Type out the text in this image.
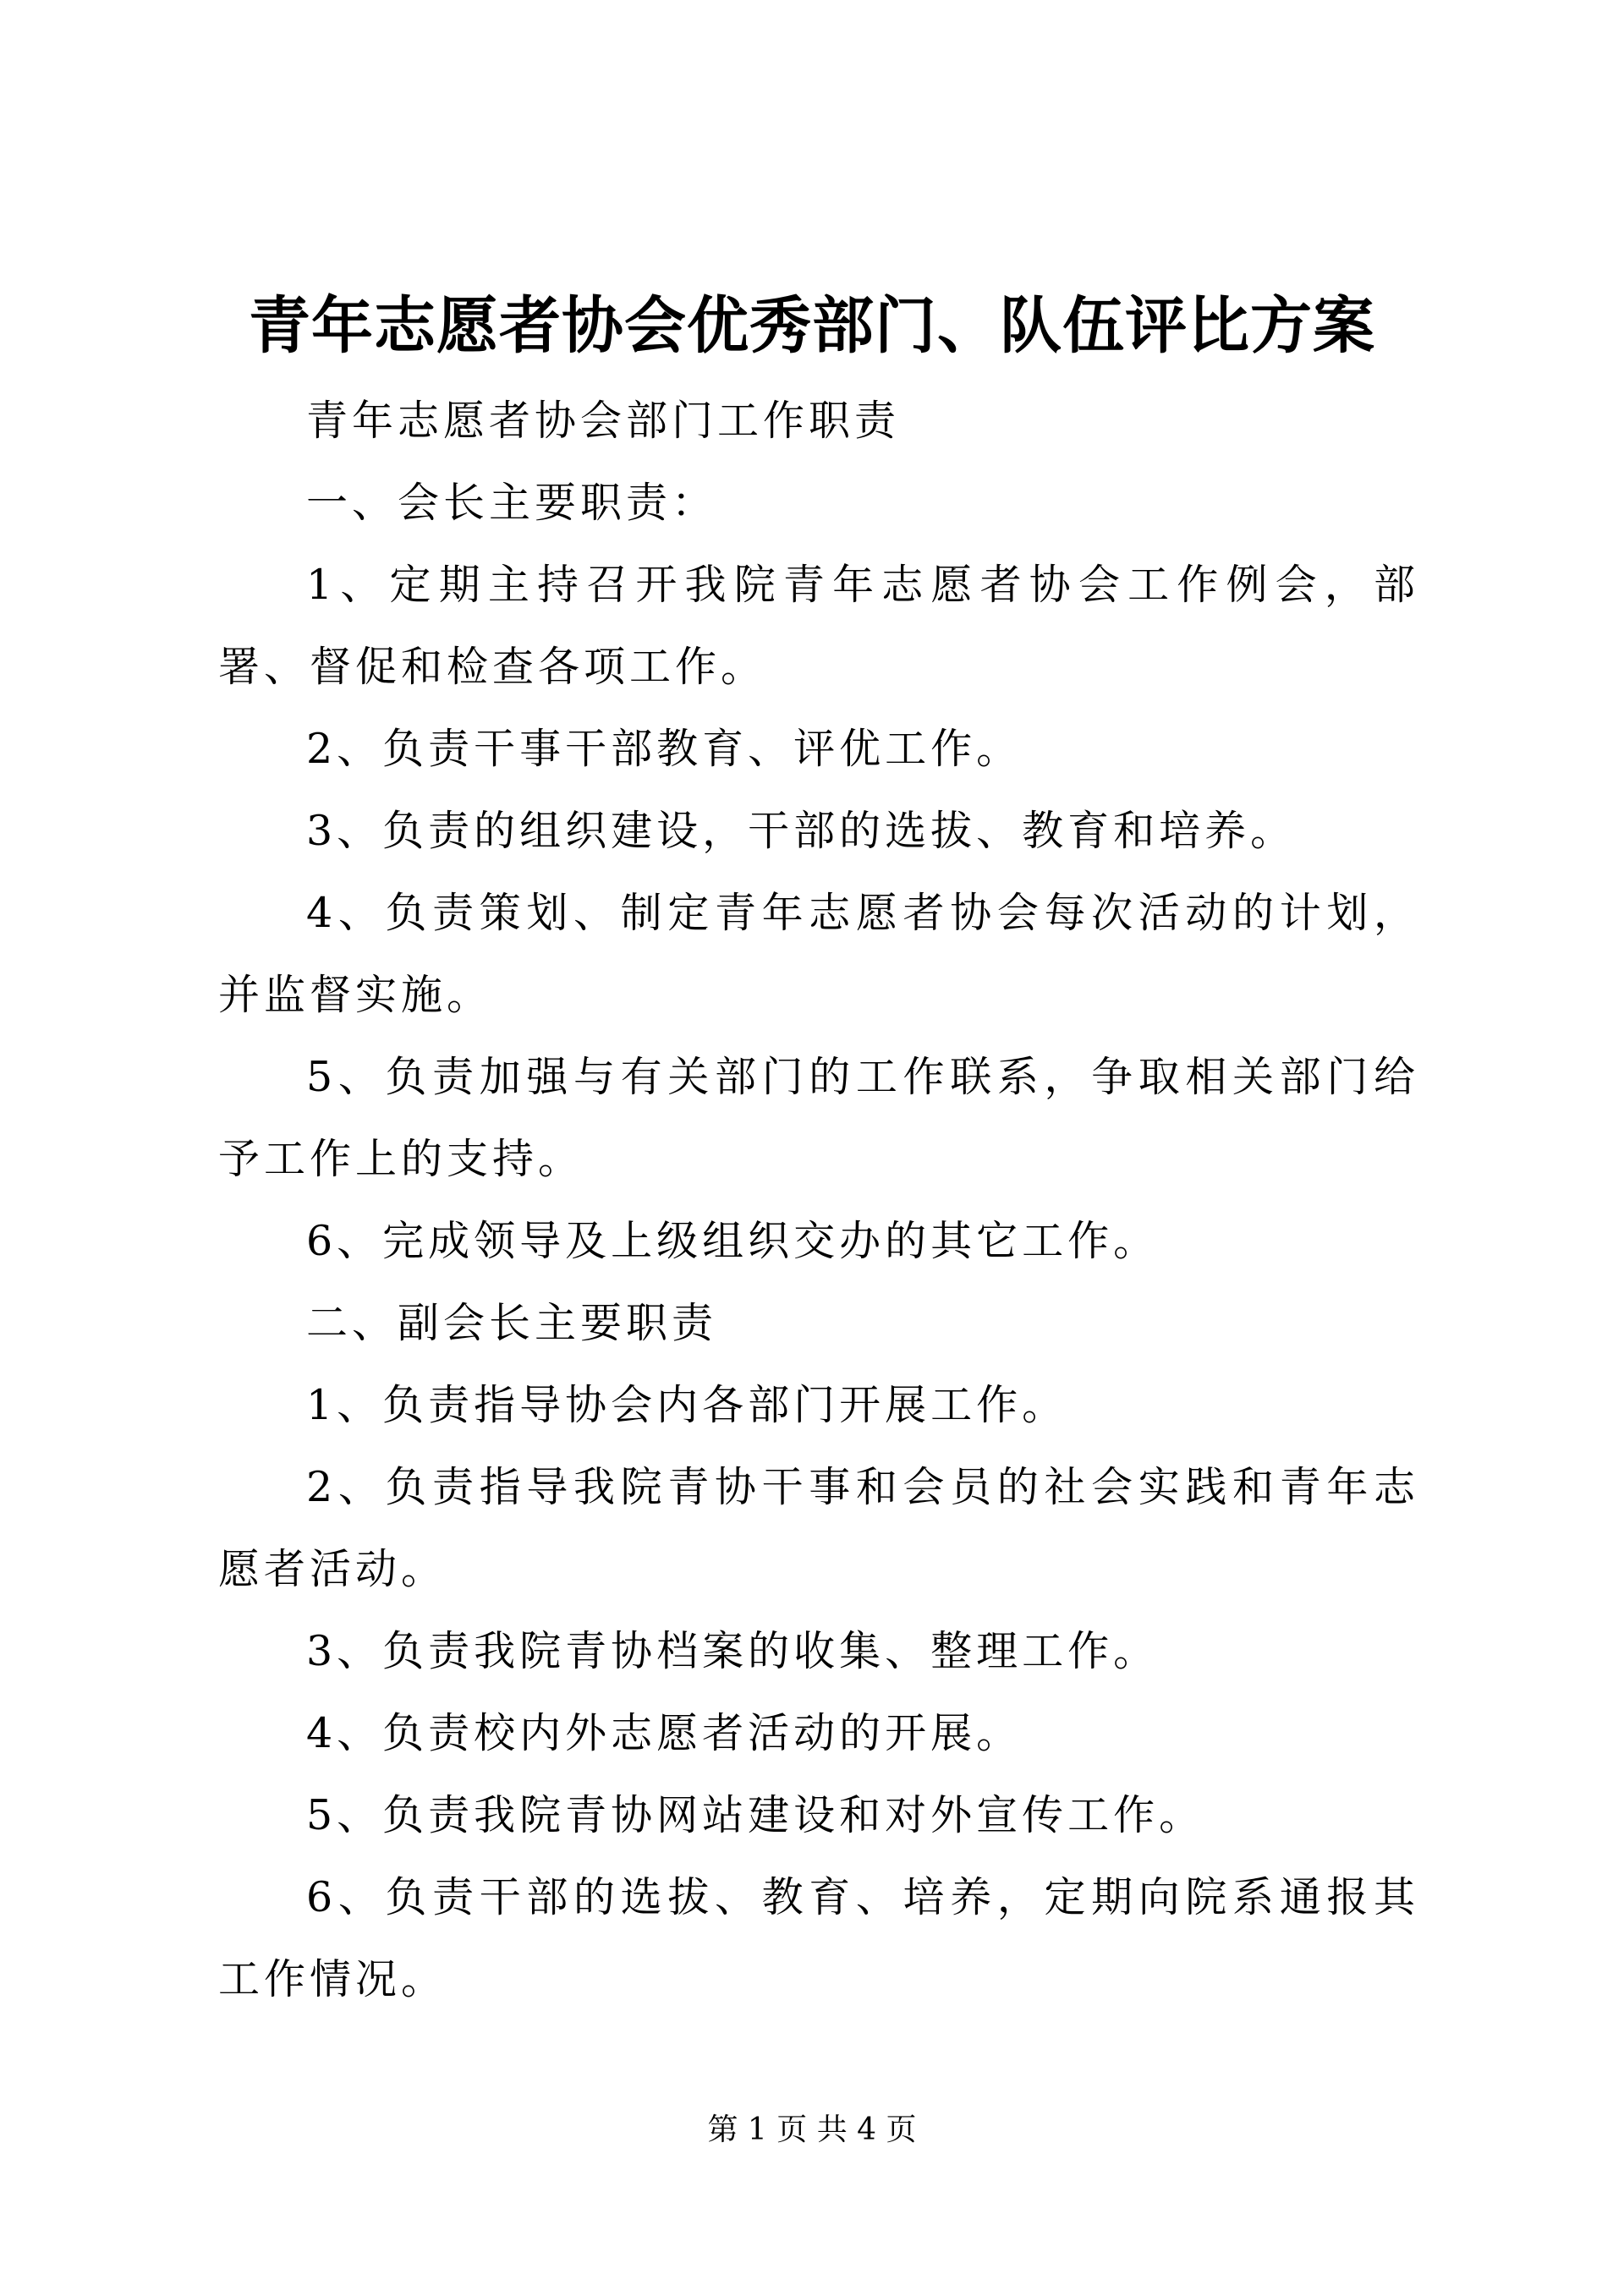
青年志愿者协会优秀部门、队伍评比方案

青年志愿者协会部门工作职责

一、会长主要职责：

1、定期主持召开我院青年志愿者协会工作例会，部署、督促和检查各项工作。

2、负责干事干部教育、评优工作。

3、负责的组织建设，干部的选拔、教育和培养。

4、负责策划、制定青年志愿者协会每次活动的计划，并监督实施。

5、负责加强与有关部门的工作联系，争取相关部门给予工作上的支持。

6、完成领导及上级组织交办的其它工作。

二、副会长主要职责

1、负责指导协会内各部门开展工作。

2、负责指导我院青协干事和会员的社会实践和青年志愿者活动。

3、负责我院青协档案的收集、整理工作。

4、负责校内外志愿者活动的开展。

5、负责我院青协网站建设和对外宣传工作。

6、负责干部的选拔、教育、培养，定期向院系通报其工作情况。

第 1 页 共 4 页
